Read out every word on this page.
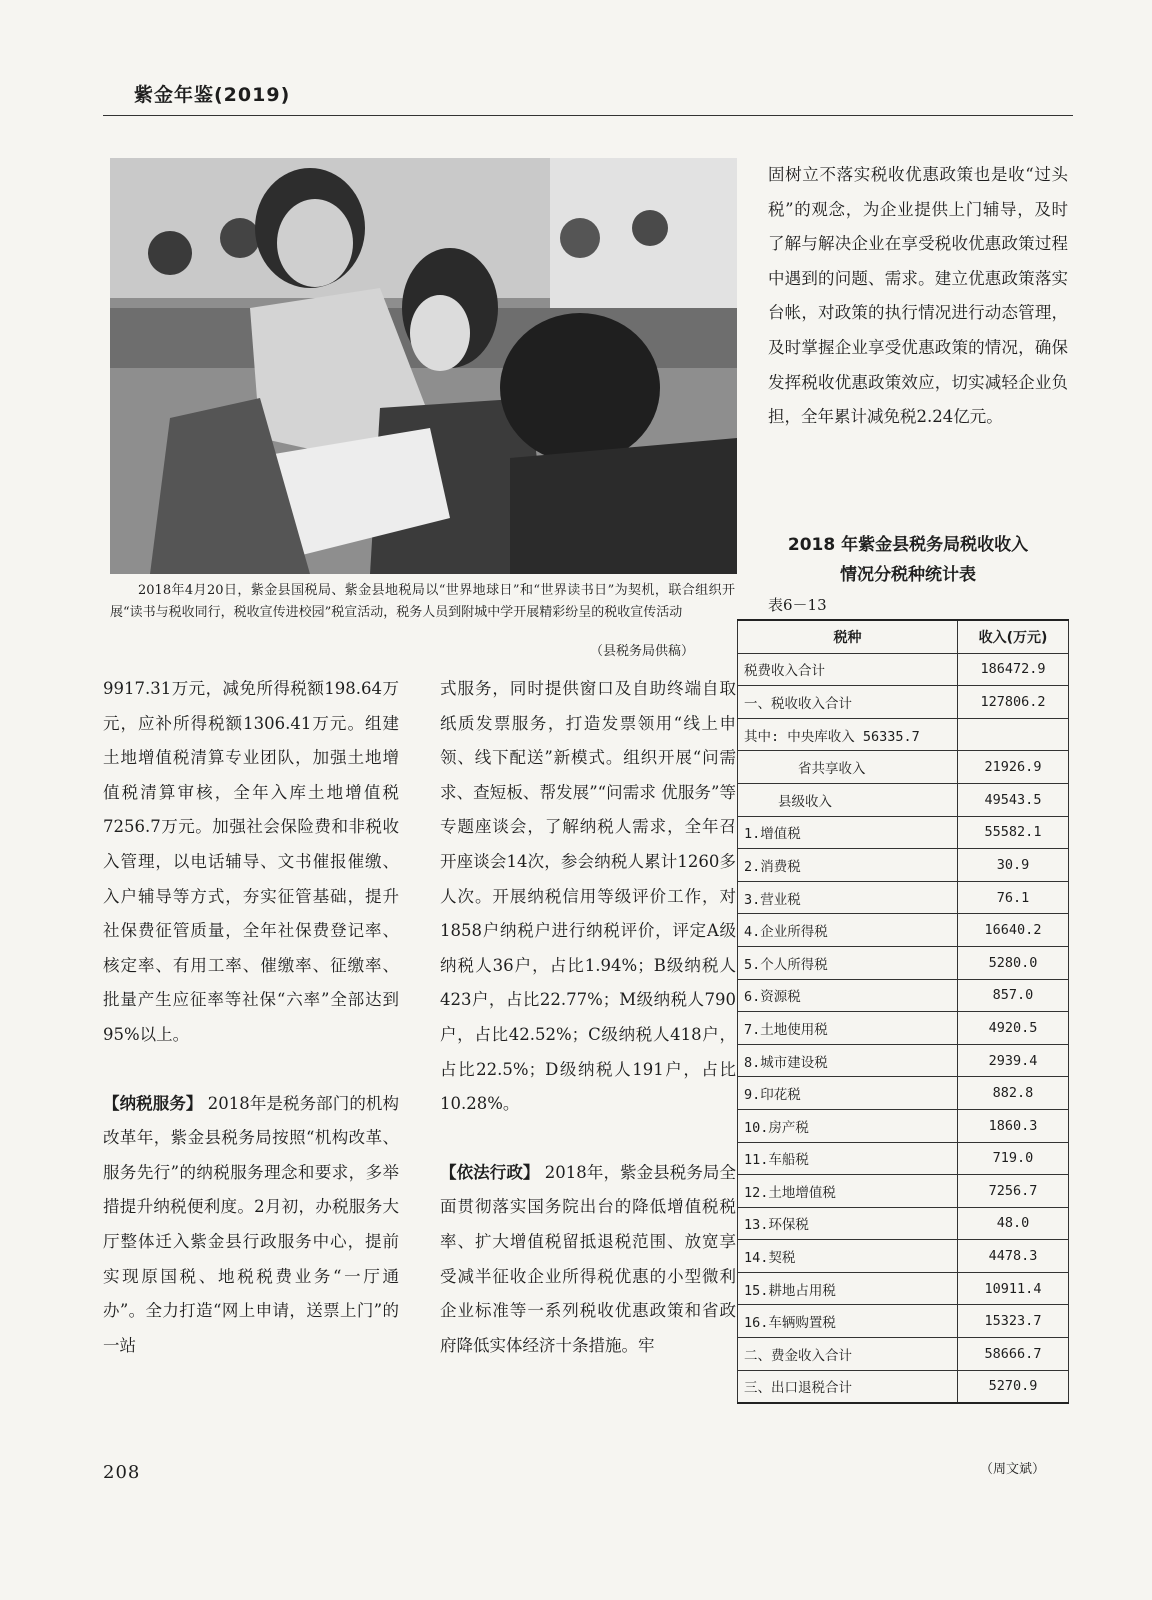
紫金年鉴(2019)
2018年4月20日，紫金县国税局、紫金县地税局以“世界地球日”和“世界读书日”为契机，联合组织开展“读书与税收同行，税收宣传进校园”税宣活动，税务人员到附城中学开展精彩纷呈的税收宣传活动
（县税务局供稿）

9917.31万元，减免所得税额198.64万元，应补所得税额1306.41万元。组建土地增值税清算专业团队，加强土地增值税清算审核，全年入库土地增值税7256.7万元。加强社会保险费和非税收入管理，以电话辅导、文书催报催缴、入户辅导等方式，夯实征管基础，提升社保费征管质量，全年社保费登记率、核定率、有用工率、催缴率、征缴率、批量产生应征率等社保“六率”全部达到95%以上。

【纳税服务】 2018年是税务部门的机构改革年，紫金县税务局按照“机构改革、服务先行”的纳税服务理念和要求，多举措提升纳税便利度。2月初，办税服务大厅整体迁入紫金县行政服务中心，提前实现原国税、地税税费业务“一厅通办”。全力打造“网上申请，送票上门”的一站

式服务，同时提供窗口及自助终端自取纸质发票服务，打造发票领用“线上申领、线下配送”新模式。组织开展“问需求、查短板、帮发展”“问需求 优服务”等专题座谈会，了解纳税人需求，全年召开座谈会14次，参会纳税人累计1260多人次。开展纳税信用等级评价工作，对1858户纳税户进行纳税评价，评定A级纳税人36户，占比1.94%；B级纳税人423户，占比22.77%；M级纳税人790户，占比42.52%；C级纳税人418户，占比22.5%；D级纳税人191户，占比10.28%。

【依法行政】 2018年，紫金县税务局全面贯彻落实国务院出台的降低增值税税率、扩大增值税留抵退税范围、放宽享受减半征收企业所得税优惠的小型微利企业标准等一系列税收优惠政策和省政府降低实体经济十条措施。牢

固树立不落实税收优惠政策也是收“过头税”的观念，为企业提供上门辅导，及时了解与解决企业在享受税收优惠政策过程中遇到的问题、需求。建立优惠政策落实台帐，对政策的执行情况进行动态管理，及时掌握企业享受优惠政策的情况，确保发挥税收优惠政策效应，切实减轻企业负担，全年累计减免税2.24亿元。

2018 年紫金县税务局税收收入
情况分税种统计表
表6－13
税种	收入(万元)
税费收入合计	186472.9
一、税收收入合计	127806.2
其中: 中央库收入 56335.7	
省共享收入	21926.9
县级收入	49543.5
1.增值税	55582.1
2.消费税	30.9
3.营业税	76.1
4.企业所得税	16640.2
5.个人所得税	5280.0
6.资源税	857.0
7.土地使用税	4920.5
8.城市建设税	2939.4
9.印花税	882.8
10.房产税	1860.3
11.车船税	719.0
12.土地增值税	7256.7
13.环保税	48.0
14.契税	4478.3
15.耕地占用税	10911.4
16.车辆购置税	15323.7
二、费金收入合计	58666.7
三、出口退税合计	5270.9
（周文斌）
208
